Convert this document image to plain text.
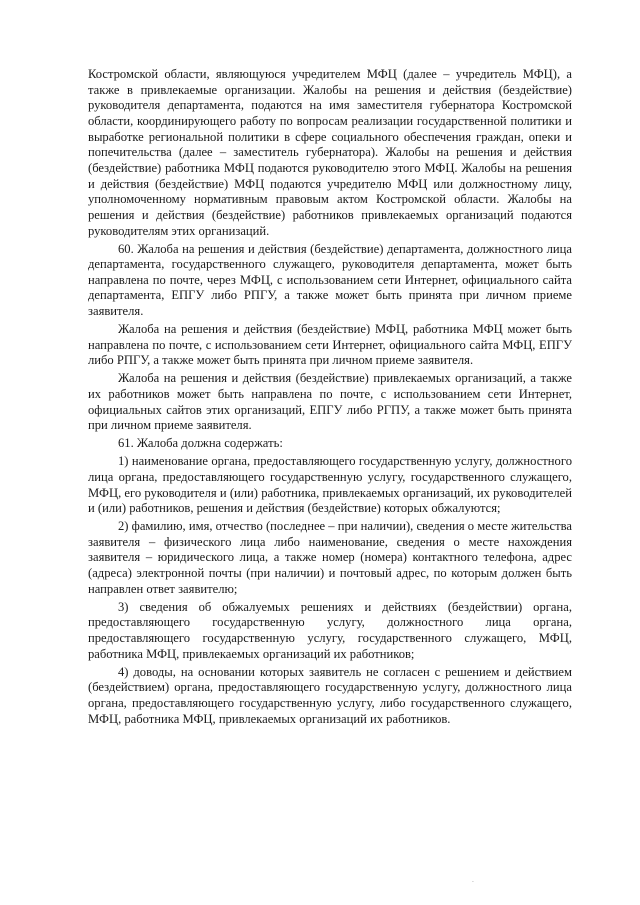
Костромской области, являющуюся учредителем МФЦ (далее – учредитель МФЦ), а также в привлекаемые организации. Жалобы на решения и действия (бездействие) руководителя департамента, подаются на имя заместителя губернатора Костромской области, координирующего работу по вопросам реализации государственной политики и выработке региональной политики в сфере социального обеспечения граждан, опеки и попечительства (далее – заместитель губернатора). Жалобы на решения и действия (бездействие) работника МФЦ подаются руководителю этого МФЦ. Жалобы на решения и действия (бездействие) МФЦ подаются учредителю МФЦ или должностному лицу, уполномоченному нормативным правовым актом Костромской области. Жалобы на решения и действия (бездействие) работников привлекаемых организаций подаются руководителям этих организаций.

60. Жалоба на решения и действия (бездействие) департамента, должностного лица департамента, государственного служащего, руководителя департамента, может быть направлена по почте, через МФЦ, с использованием сети Интернет, официального сайта департамента, ЕПГУ либо РПГУ, а также может быть принята при личном приеме заявителя.

Жалоба на решения и действия (бездействие) МФЦ, работника МФЦ может быть направлена по почте, с использованием сети Интернет, официального сайта МФЦ, ЕПГУ либо РПГУ, а также может быть принята при личном приеме заявителя.

Жалоба на решения и действия (бездействие) привлекаемых организаций, а также их работников может быть направлена по почте, с использованием сети Интернет, официальных сайтов этих организаций, ЕПГУ либо РГПУ, а также может быть принята при личном приеме заявителя.

61. Жалоба должна содержать:

1) наименование органа, предоставляющего государственную услугу, должностного лица органа, предоставляющего государственную услугу, государственного служащего, МФЦ, его руководителя и (или) работника, привлекаемых организаций, их руководителей и (или) работников, решения и действия (бездействие) которых обжалуются;

2) фамилию, имя, отчество (последнее – при наличии), сведения о месте жительства заявителя – физического лица либо наименование, сведения о месте нахождения заявителя – юридического лица, а также номер (номера) контактного телефона, адрес (адреса) электронной почты (при наличии) и почтовый адрес, по которым должен быть направлен ответ заявителю;

3) сведения об обжалуемых решениях и действиях (бездействии) органа, предоставляющего государственную услугу, должностного лица органа, предоставляющего государственную услугу, государственного служащего, МФЦ, работника МФЦ, привлекаемых организаций их работников;

4) доводы, на основании которых заявитель не согласен с решением и действием (бездействием) органа, предоставляющего государственную услугу, должностного лица органа, предоставляющего государственную услугу, либо государственного служащего, МФЦ, работника МФЦ, привлекаемых организаций их работников.

·
